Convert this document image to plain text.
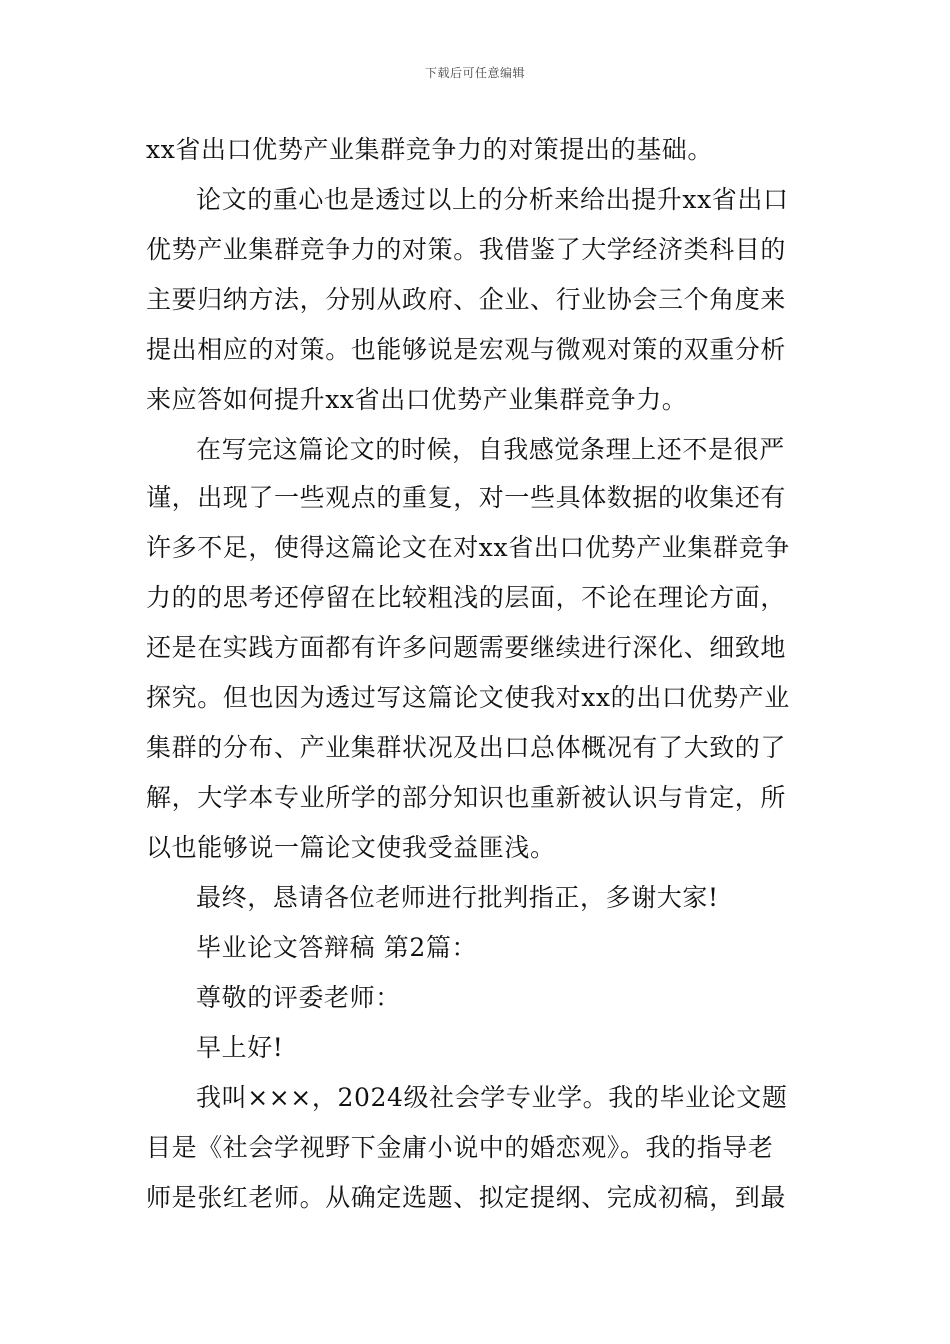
下载后可任意编辑
xx省出口优势产业集群竞争力的对策提出的基础。
论文的重心也是透过以上的分析来给出提升xx省出口
优势产业集群竞争力的对策。我借鉴了大学经济类科目的
主要归纳方法，分别从政府、企业、行业协会三个角度来
提出相应的对策。也能够说是宏观与微观对策的双重分析
来应答如何提升xx省出口优势产业集群竞争力。
在写完这篇论文的时候，自我感觉条理上还不是很严
谨，出现了一些观点的重复，对一些具体数据的收集还有
许多不足，使得这篇论文在对xx省出口优势产业集群竞争
力的的思考还停留在比较粗浅的层面，不论在理论方面，
还是在实践方面都有许多问题需要继续进行深化、细致地
探究。但也因为透过写这篇论文使我对xx的出口优势产业
集群的分布、产业集群状况及出口总体概况有了大致的了
解，大学本专业所学的部分知识也重新被认识与肯定，所
以也能够说一篇论文使我受益匪浅。
最终，恳请各位老师进行批判指正，多谢大家!
毕业论文答辩稿 第2篇：
尊敬的评委老师：
早上好!
我叫×××，2024级社会学专业学。我的毕业论文题
目是《社会学视野下金庸小说中的婚恋观》。我的指导老
师是张红老师。从确定选题、拟定提纲、完成初稿，到最
